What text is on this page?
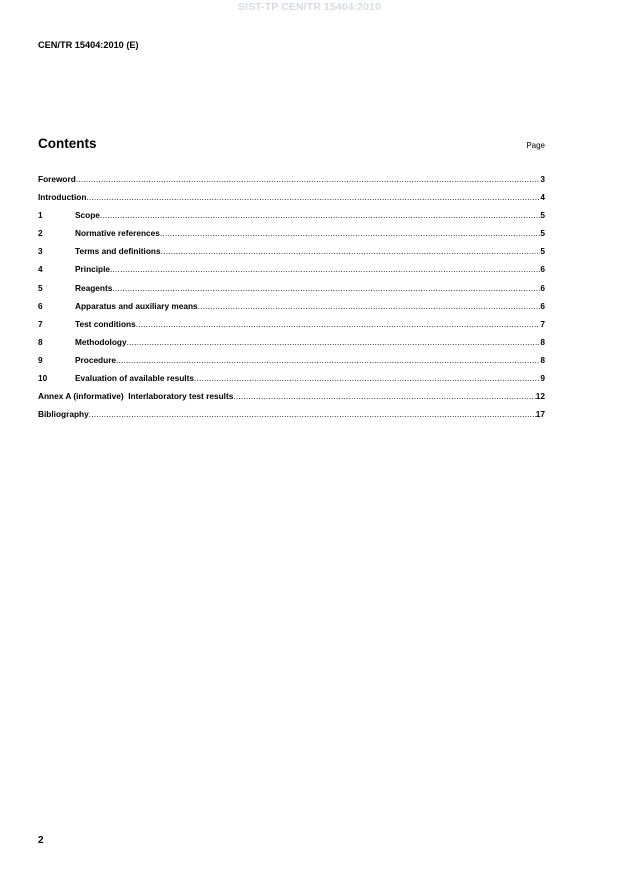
SIST-TP CEN/TR 15404:2010
CEN/TR 15404:2010 (E)
Contents	Page
Foreword .....	3
Introduction .....	4
1	Scope .....	5
2	Normative references .....	5
3	Terms and definitions .....	5
4	Principle .....	6
5	Reagents .....	6
6	Apparatus and auxiliary means .....	6
7	Test conditions .....	7
8	Methodology .....	8
9	Procedure .....	8
10	Evaluation of available results .....	9
Annex A (informative)  Interlaboratory test results .....	12
Bibliography .....	17
2
